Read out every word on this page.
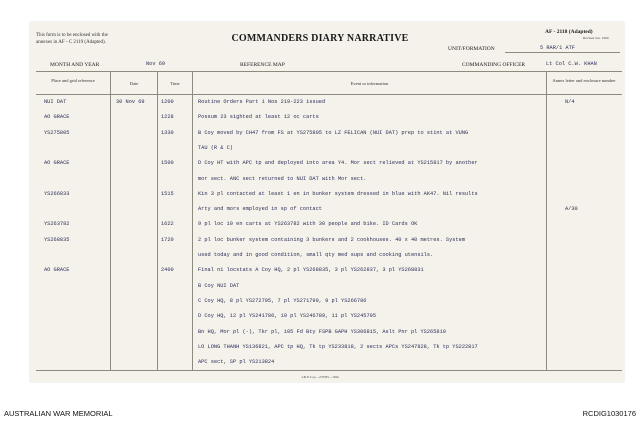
This form is to be enclosed with the
annexes in AF - C 2119 (Adapted).	COMMANDERS DIARY NARRATIVE
AF - 2118 (Adapted)
Revised Jan. 1969
UNIT/FORMATION	5 RAR/1 ATF
MONTH AND YEAR	Nov 69	REFERENCE MAP	COMMANDING OFFICER	Lt Col C.W. KHAN
Place and grid reference
Date	Time	Event or information
Annex letter and enclosure number
NUI DAT	30 Nov 69	1200	Routine Orders Part 1 Nos 219-223 issued	N/4
AO GRACE	1228	Possum 23 sighted at least 12 oc carts
YS275805	1330	B Coy moved by CH47 from FS at YS275805 to LZ FELICAN (NUI DAT) prep to stint at VUNG
TAU (R & C)
AO GRACE	1500	D Coy HT with APC tp and deployed into area Y4. Mor sect relieved at YS215817 by another
mor sect. ANC sect returned to NUI DAT with Mor sect.
YS266833	1515	Kin 3 pl contacted at least 1 en in bunker system dressed in blue with AK47. Nil results
Arty and mors employed in sp of contact	A/30
YS263782	1622	9 pl loc 10 en carts at YS263782 with 30 people and bike. ID Cards OK
YS268835	1720	2 pl loc bunker system containing 3 bunkers and 2 cookhouses. 40 x 40 metres. System
used today and in good condition, small qty med sups and cooking utensils.
AO GRACE	2400	Final ni locstats A Coy HQ, 2 pl YS268835, 3 pl YS262837, 3 pl YS268831
B Coy NUI DAT
C Coy HQ, 8 pl YS272795, 7 pl YS271799, 9 pl YS266786
D Coy HQ, 12 pl YS241786, 10 pl YS246789, 11 pl YS245795
Bn HQ, Mor pl (-), Tkr pl, 105 Fd Bty FSPB GAPH YS306815, Aslt Pnr pl YS265810
LO LONG THANH YS136821, APC tp HQ, Tk tp YS233818, 2 sects APCs YS247828, Tk tp YS222817
APC sect, SP pl YS213824
I & P Coy—270/85—10m
AUSTRALIAN WAR MEMORIAL	RCDIG1030176
